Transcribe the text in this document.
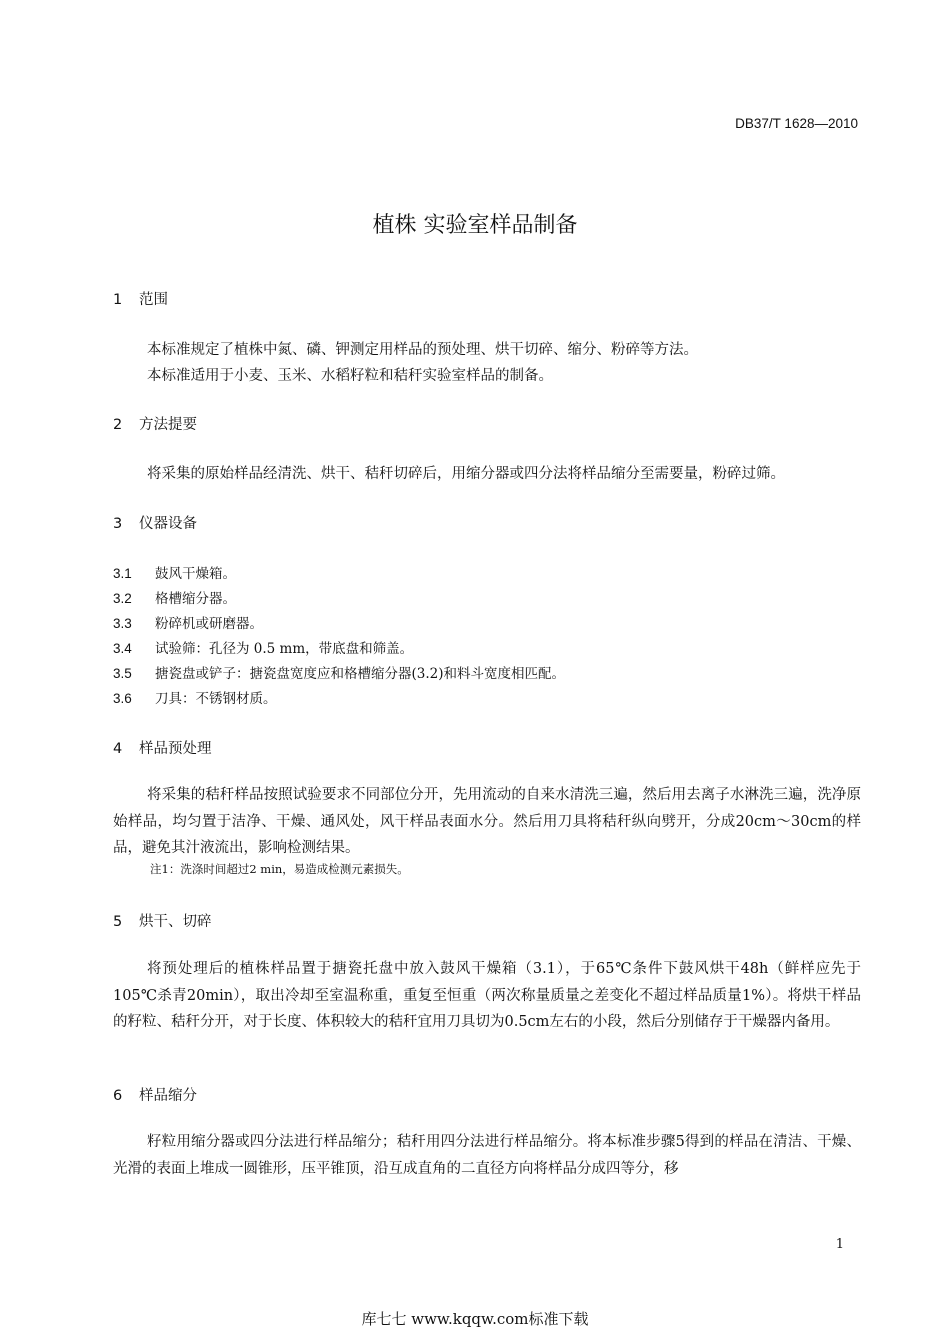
DB37/T 1628—2010
植株 实验室样品制备
1 范围
本标准规定了植株中氮、磷、钾测定用样品的预处理、烘干切碎、缩分、粉碎等方法。
本标准适用于小麦、玉米、水稻籽粒和秸秆实验室样品的制备。
2 方法提要
将采集的原始样品经清洗、烘干、秸秆切碎后，用缩分器或四分法将样品缩分至需要量，粉碎过筛。
3 仪器设备
3.1 鼓风干燥箱。
3.2 格槽缩分器。
3.3 粉碎机或研磨器。
3.4 试验筛：孔径为 0.5 mm，带底盘和筛盖。
3.5 搪瓷盘或铲子：搪瓷盘宽度应和格槽缩分器(3.2)和料斗宽度相匹配。
3.6 刀具：不锈钢材质。
4 样品预处理
将采集的秸秆样品按照试验要求不同部位分开，先用流动的自来水清洗三遍，然后用去离子水淋洗三遍，洗净原始样品，均匀置于洁净、干燥、通风处，风干样品表面水分。然后用刀具将秸秆纵向劈开，分成20cm～30cm的样品，避免其汁液流出，影响检测结果。
注1：洗涤时间超过2 min，易造成检测元素损失。
5 烘干、切碎
将预处理后的植株样品置于搪瓷托盘中放入鼓风干燥箱（3.1），于65℃条件下鼓风烘干48h（鲜样应先于105℃杀青20min），取出冷却至室温称重，重复至恒重（两次称量质量之差变化不超过样品质量1%）。将烘干样品的籽粒、秸秆分开，对于长度、体积较大的秸秆宜用刀具切为0.5cm左右的小段，然后分别储存于干燥器内备用。
6 样品缩分
籽粒用缩分器或四分法进行样品缩分；秸秆用四分法进行样品缩分。将本标准步骤5得到的样品在清洁、干燥、光滑的表面上堆成一圆锥形，压平锥顶，沿互成直角的二直径方向将样品分成四等分，移
1
库七七 www.kqqw.com标准下载
